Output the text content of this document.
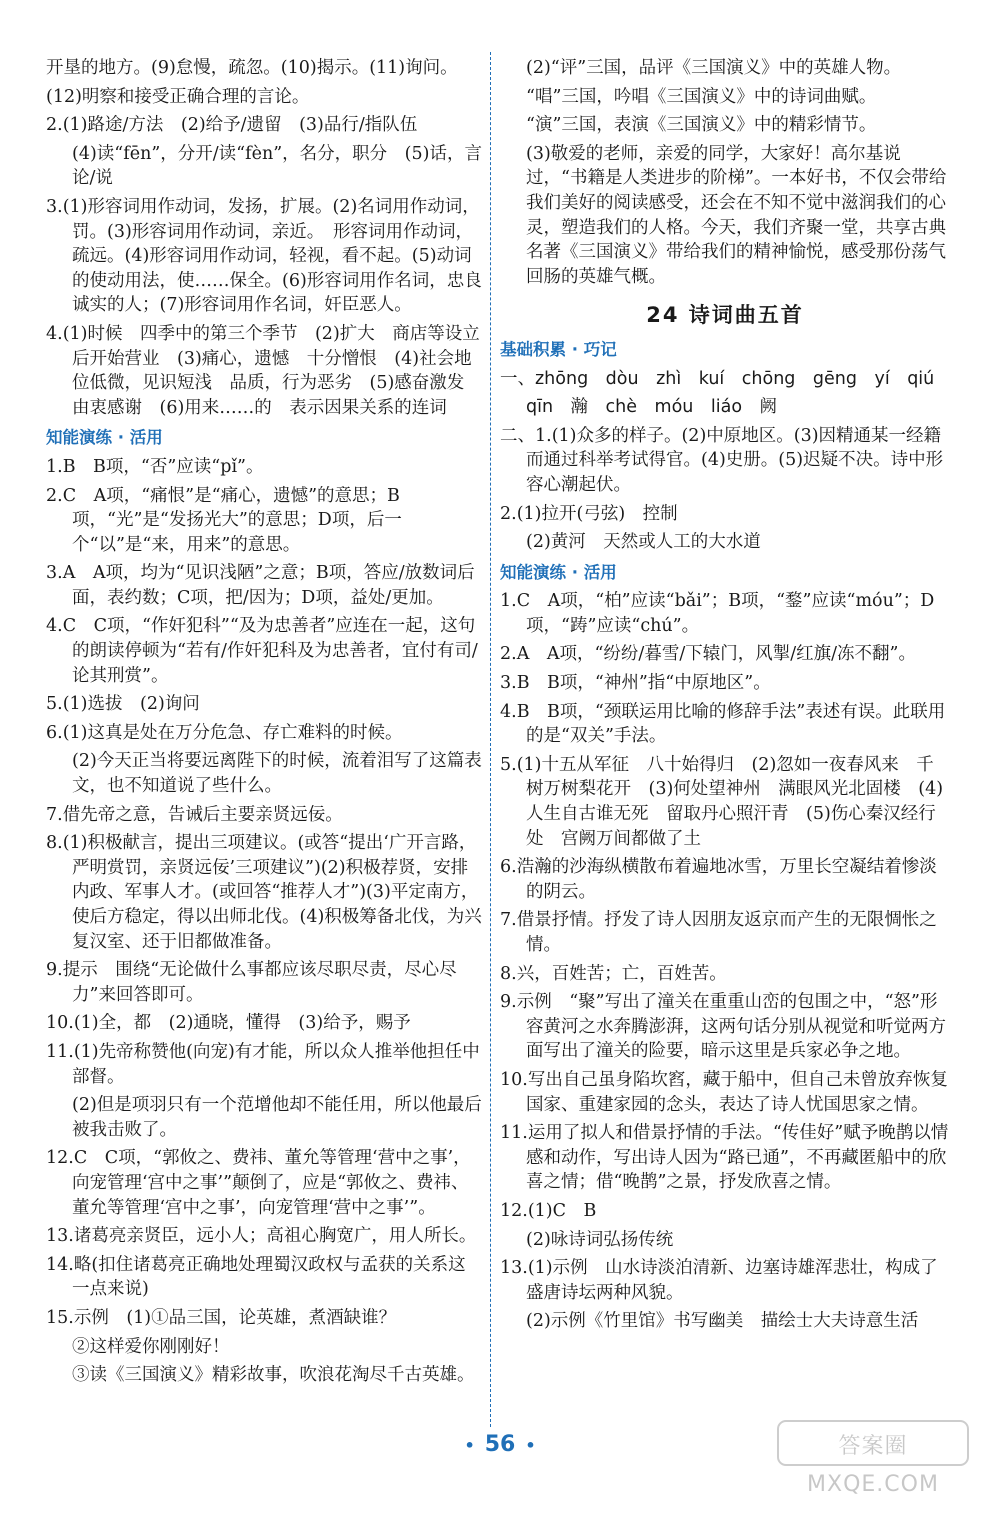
开垦的地方。(9)怠慢，疏忽。(10)揭示。(11)询问。

(12)明察和接受正确合理的言论。

2.(1)路途/方法　(2)给予/遗留　(3)品行/指队伍

(4)读“fēn”，分开/读“fèn”，名分，职分　(5)话，言论/说

3.(1)形容词用作动词，发扬，扩展。(2)名词用作动词，罚。(3)形容词用作动词，亲近。　形容词用作动词，疏远。(4)形容词用作动词，轻视，看不起。(5)动词的使动用法，使……保全。(6)形容词用作名词，忠良诚实的人；(7)形容词用作名词，奸臣恶人。

4.(1)时候　四季中的第三个季节　(2)扩大　商店等设立后开始营业　(3)痛心，遗憾　十分憎恨　(4)社会地位低微，见识短浅　品质，行为恶劣　(5)感奋激发　由衷感谢　(6)用来……的　表示因果关系的连词

知能演练 · 活用

1.B　B项，“否”应读“pǐ”。

2.C　A项，“痛恨”是“痛心，遗憾”的意思；B项，“光”是“发扬光大”的意思；D项，后一个“以”是“来，用来”的意思。

3.A　A项，均为“见识浅陋”之意；B项，答应/放数词后面，表约数；C项，把/因为；D项，益处/更加。

4.C　C项，“作奸犯科”“及为忠善者”应连在一起，这句的朗读停顿为“若有/作奸犯科及为忠善者，宜付有司/论其刑赏”。

5.(1)选拔　(2)询问

6.(1)这真是处在万分危急、存亡难料的时候。

(2)今天正当将要远离陛下的时候，流着泪写了这篇表文，也不知道说了些什么。

7.借先帝之意，告诫后主要亲贤远佞。

8.(1)积极献言，提出三项建议。(或答“提出‘广开言路，严明赏罚，亲贤远佞’三项建议”)(2)积极荐贤，安排内政、军事人才。(或回答“推荐人才”)(3)平定南方，使后方稳定，得以出师北伐。(4)积极筹备北伐，为兴复汉室、还于旧都做准备。

9.提示　围绕“无论做什么事都应该尽职尽责，尽心尽力”来回答即可。

10.(1)全，都　(2)通晓，懂得　(3)给予，赐予

11.(1)先帝称赞他(向宠)有才能，所以众人推举他担任中部督。

(2)但是项羽只有一个范增他却不能任用，所以他最后被我击败了。

12.C　C项，“郭攸之、费祎、董允等管理‘营中之事’，向宠管理‘宫中之事’”颠倒了，应是“郭攸之、费祎、董允等管理‘宫中之事’，向宠管理‘营中之事’”。

13.诸葛亮亲贤臣，远小人；高祖心胸宽广，用人所长。

14.略(扣住诸葛亮正确地处理蜀汉政权与孟获的关系这一点来说)

15.示例　(1)①品三国，论英雄，煮酒缺谁？

②这样爱你刚刚好！

③读《三国演义》精彩故事，吹浪花淘尽千古英雄。

(2)“评”三国，品评《三国演义》中的英雄人物。

“唱”三国，吟唱《三国演义》中的诗词曲赋。

“演”三国，表演《三国演义》中的精彩情节。

(3)敬爱的老师，亲爱的同学，大家好！高尔基说过，“书籍是人类进步的阶梯”。一本好书，不仅会带给我们美好的阅读感受，还会在不知不觉中滋润我们的心灵，塑造我们的人格。今天，我们齐聚一堂，共享古典名著《三国演义》带给我们的精神愉悦，感受那份荡气回肠的英雄气概。

24 诗词曲五首
基础积累 · 巧记

一、zhōng　dòu　zhì　kuí　chōng　gēng　yí　qiú

qīn　瀚　chè　móu　liáo　阙

二、1.(1)众多的样子。(2)中原地区。(3)因精通某一经籍而通过科举考试得官。(4)史册。(5)迟疑不决。诗中形容心潮起伏。

2.(1)拉开(弓弦)　控制

(2)黄河　天然或人工的大水道

知能演练 · 活用

1.C　A项，“柏”应读“bǎi”；B项，“鍪”应读“móu”；D项，“踌”应读“chú”。

2.A　A项，“纷纷/暮雪/下辕门，风掣/红旗/冻不翻”。

3.B　B项，“神州”指“中原地区”。

4.B　B项，“颈联运用比喻的修辞手法”表述有误。此联用的是“双关”手法。

5.(1)十五从军征　八十始得归　(2)忽如一夜春风来　千树万树梨花开　(3)何处望神州　满眼风光北固楼　(4)人生自古谁无死　留取丹心照汗青　(5)伤心秦汉经行处　宫阙万间都做了土

6.浩瀚的沙海纵横散布着遍地冰雪，万里长空凝结着惨淡的阴云。

7.借景抒情。抒发了诗人因朋友返京而产生的无限惆怅之情。

8.兴，百姓苦；亡，百姓苦。

9.示例　“聚”写出了潼关在重重山峦的包围之中，“怒”形容黄河之水奔腾澎湃，这两句话分别从视觉和听觉两方面写出了潼关的险要，暗示这里是兵家必争之地。

10.写出自己虽身陷坎窞，藏于船中，但自己未曾放弃恢复国家、重建家园的念头，表达了诗人忧国思家之情。

11.运用了拟人和借景抒情的手法。“传佳好”赋予晚鹊以情感和动作，写出诗人因为“路已通”，不再藏匿船中的欣喜之情；借“晚鹊”之景，抒发欣喜之情。

12.(1)C　B

(2)咏诗词弘扬传统

13.(1)示例　山水诗淡泊清新、边塞诗雄浑悲壮，构成了盛唐诗坛两种风貌。

(2)示例《竹里馆》书写幽美　描绘士大夫诗意生活

• 56 •	答案圈
MXQE.COM
